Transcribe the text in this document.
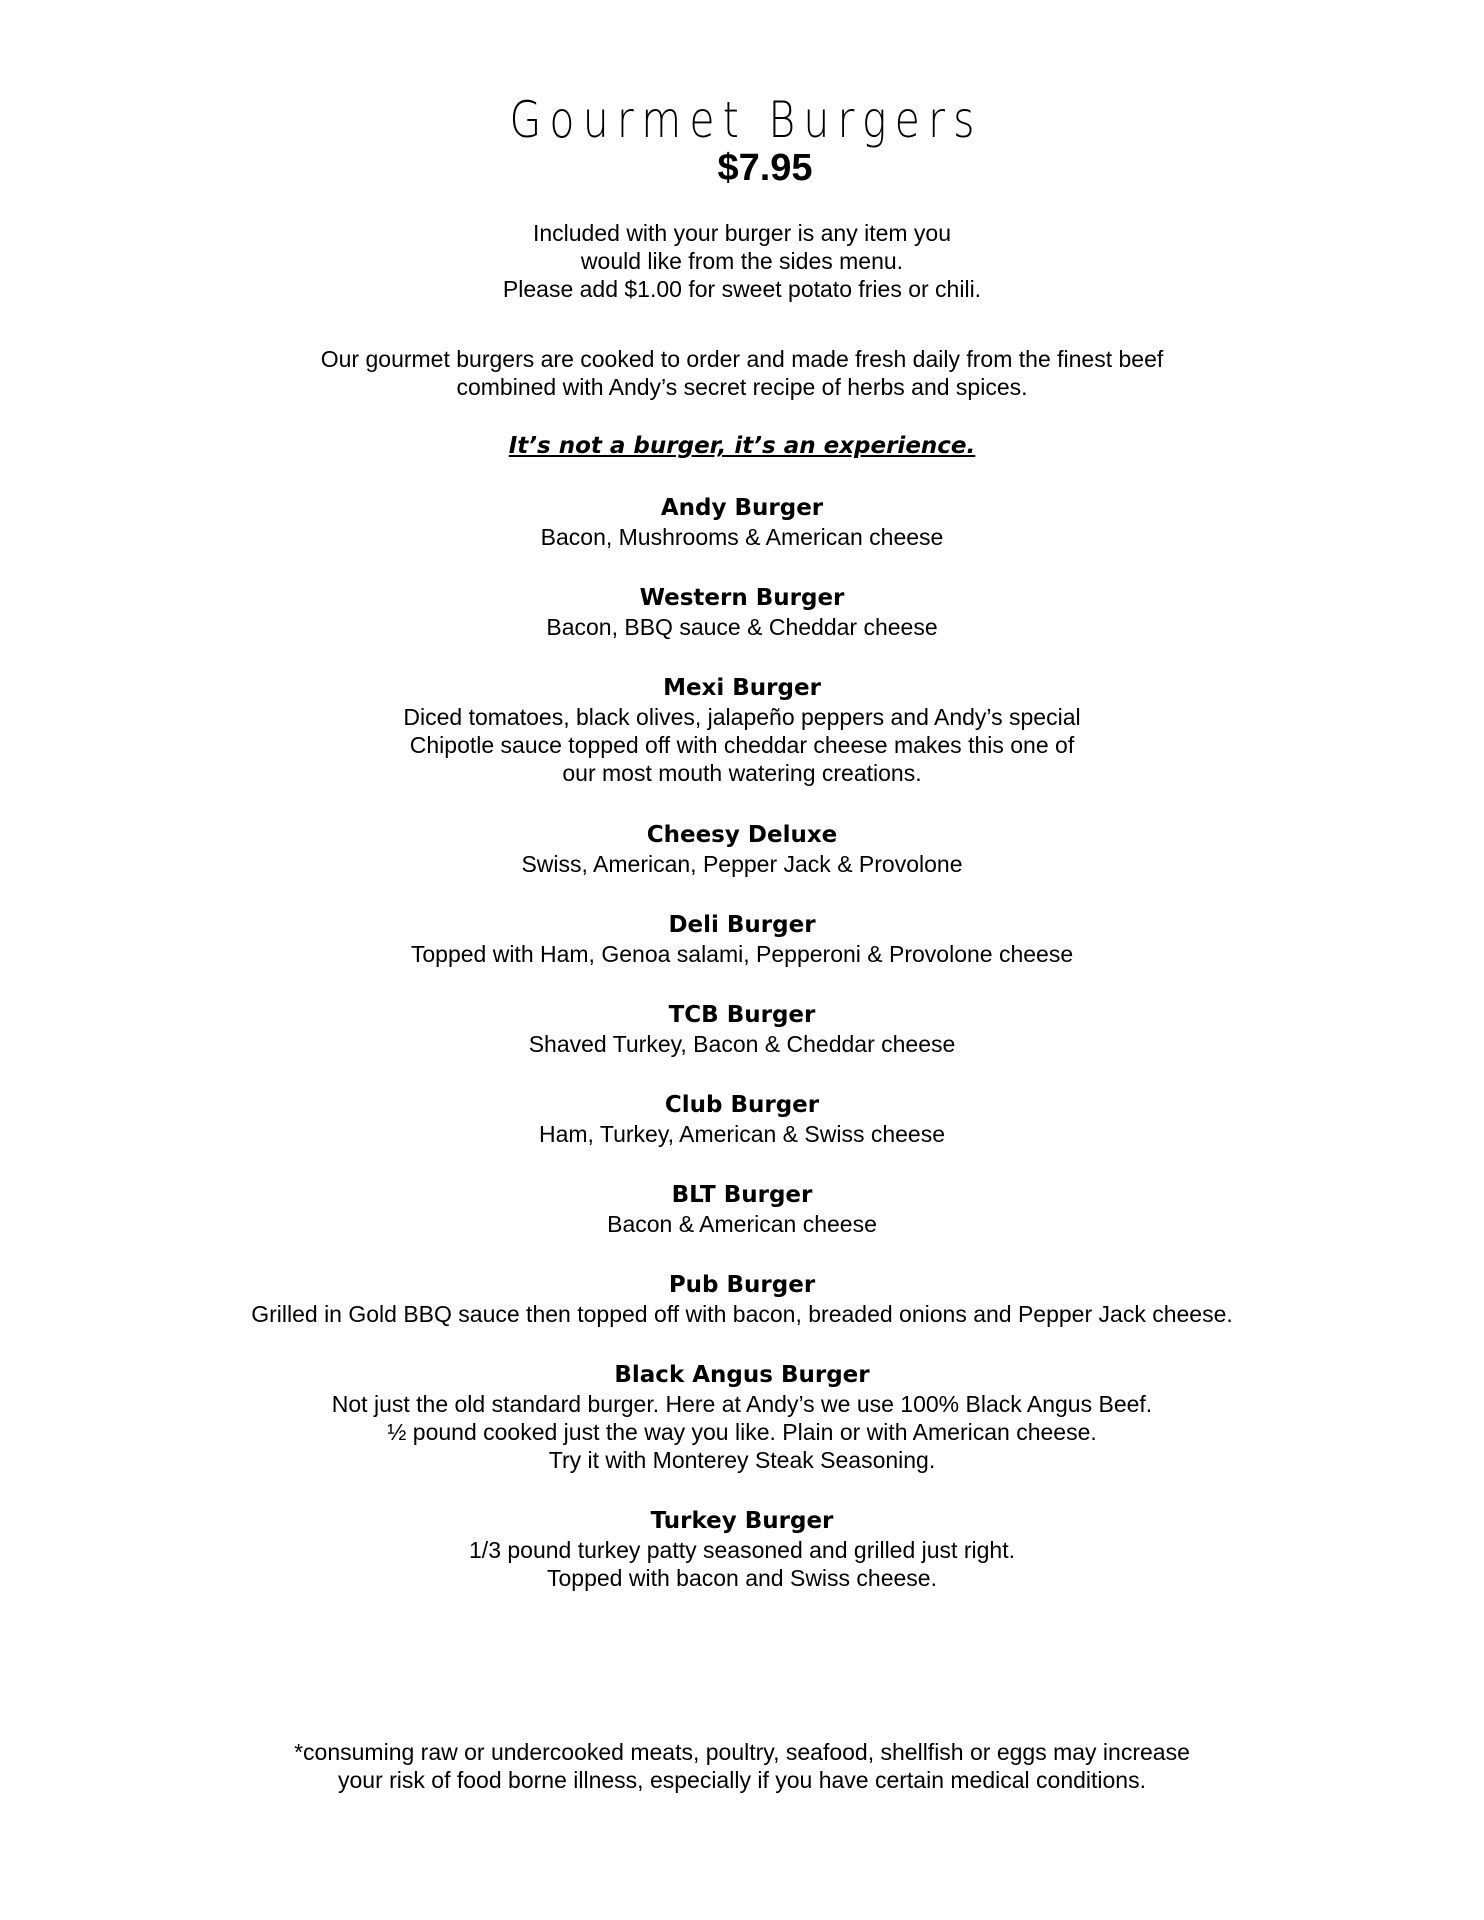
Gourmet Burgers
$7.95
Included with your burger is any item you
would like from the sides menu.
Please add $1.00 for sweet potato fries or chili.
Our gourmet burgers are cooked to order and made fresh daily from the finest beef
combined with Andy’s secret recipe of herbs and spices.
It’s not a burger, it’s an experience.
Andy Burger
Bacon, Mushrooms & American cheese
Western Burger
Bacon, BBQ sauce & Cheddar cheese
Mexi Burger
Diced tomatoes, black olives, jalapeño peppers and Andy’s special
Chipotle sauce topped off with cheddar cheese makes this one of
our most mouth watering creations.
Cheesy Deluxe
Swiss, American, Pepper Jack & Provolone
Deli Burger
Topped with Ham, Genoa salami, Pepperoni & Provolone cheese
TCB Burger
Shaved Turkey, Bacon & Cheddar cheese
Club Burger
Ham, Turkey, American & Swiss cheese
BLT Burger
Bacon & American cheese
Pub Burger
Grilled in Gold BBQ sauce then topped off with bacon, breaded onions and Pepper Jack cheese.
Black Angus Burger
Not just the old standard burger. Here at Andy’s we use 100% Black Angus Beef.
½ pound cooked just the way you like. Plain or with American cheese.
Try it with Monterey Steak Seasoning.
Turkey Burger
1/3 pound turkey patty seasoned and grilled just right.
Topped with bacon and Swiss cheese.
*consuming raw or undercooked meats, poultry, seafood, shellfish or eggs may increase
your risk of food borne illness, especially if you have certain medical conditions.
